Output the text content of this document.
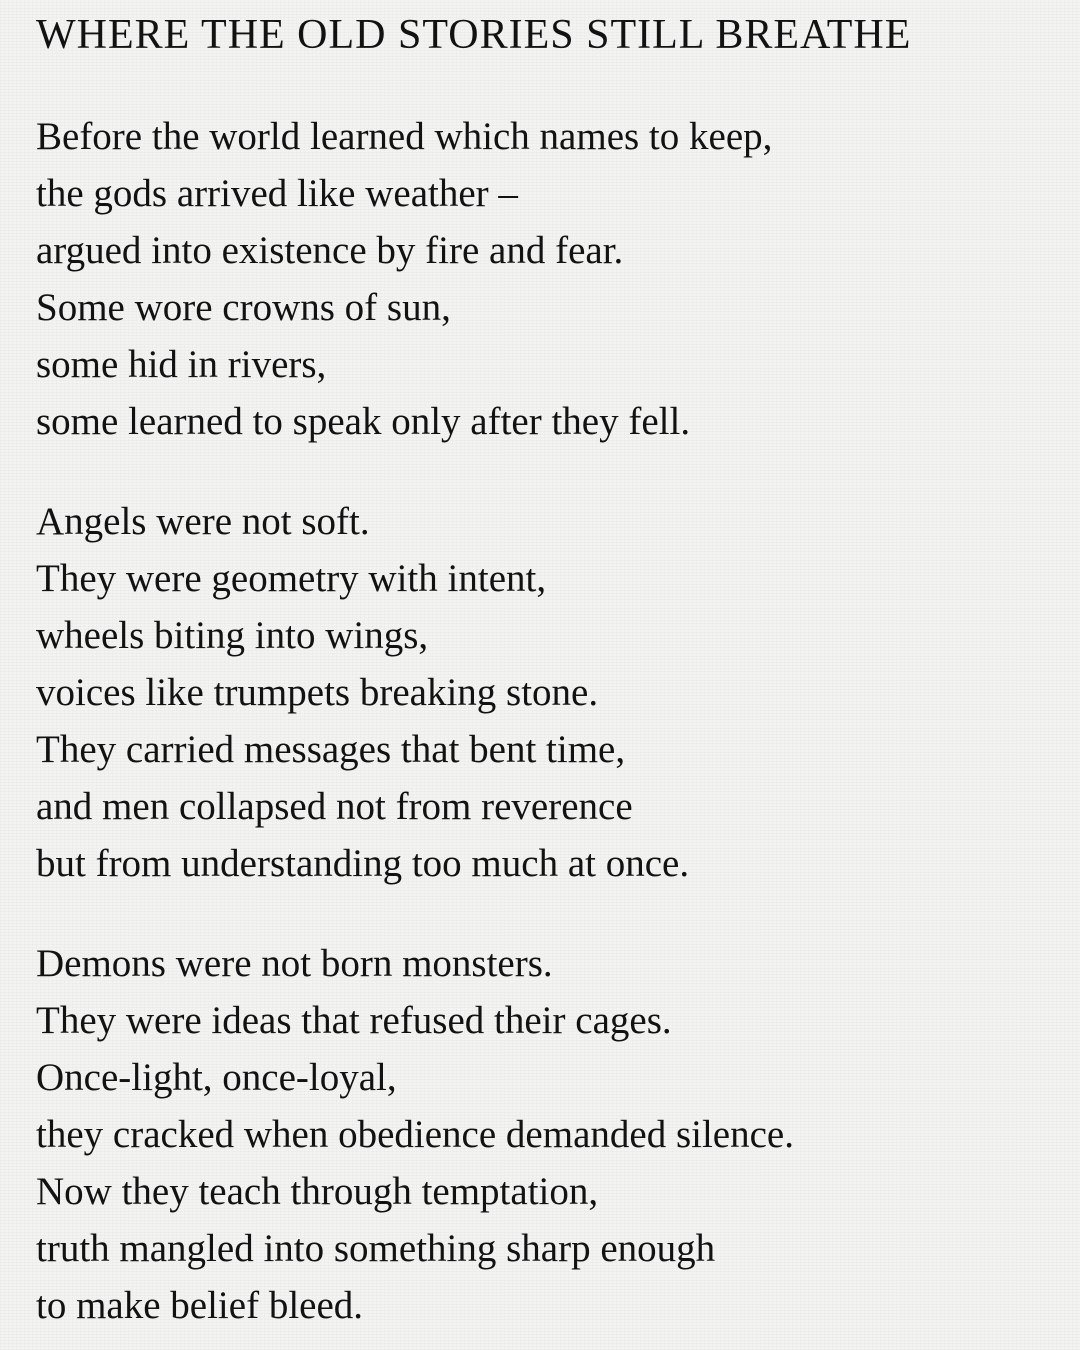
WHERE THE OLD STORIES STILL BREATHE
Before the world learned which names to keep,
the gods arrived like weather –
argued into existence by fire and fear.
Some wore crowns of sun,
some hid in rivers,
some learned to speak only after they fell.
Angels were not soft.
They were geometry with intent,
wheels biting into wings,
voices like trumpets breaking stone.
They carried messages that bent time,
and men collapsed not from reverence
but from understanding too much at once.
Demons were not born monsters.
They were ideas that refused their cages.
Once-light, once-loyal,
they cracked when obedience demanded silence.
Now they teach through temptation,
truth mangled into something sharp enough
to make belief bleed.
